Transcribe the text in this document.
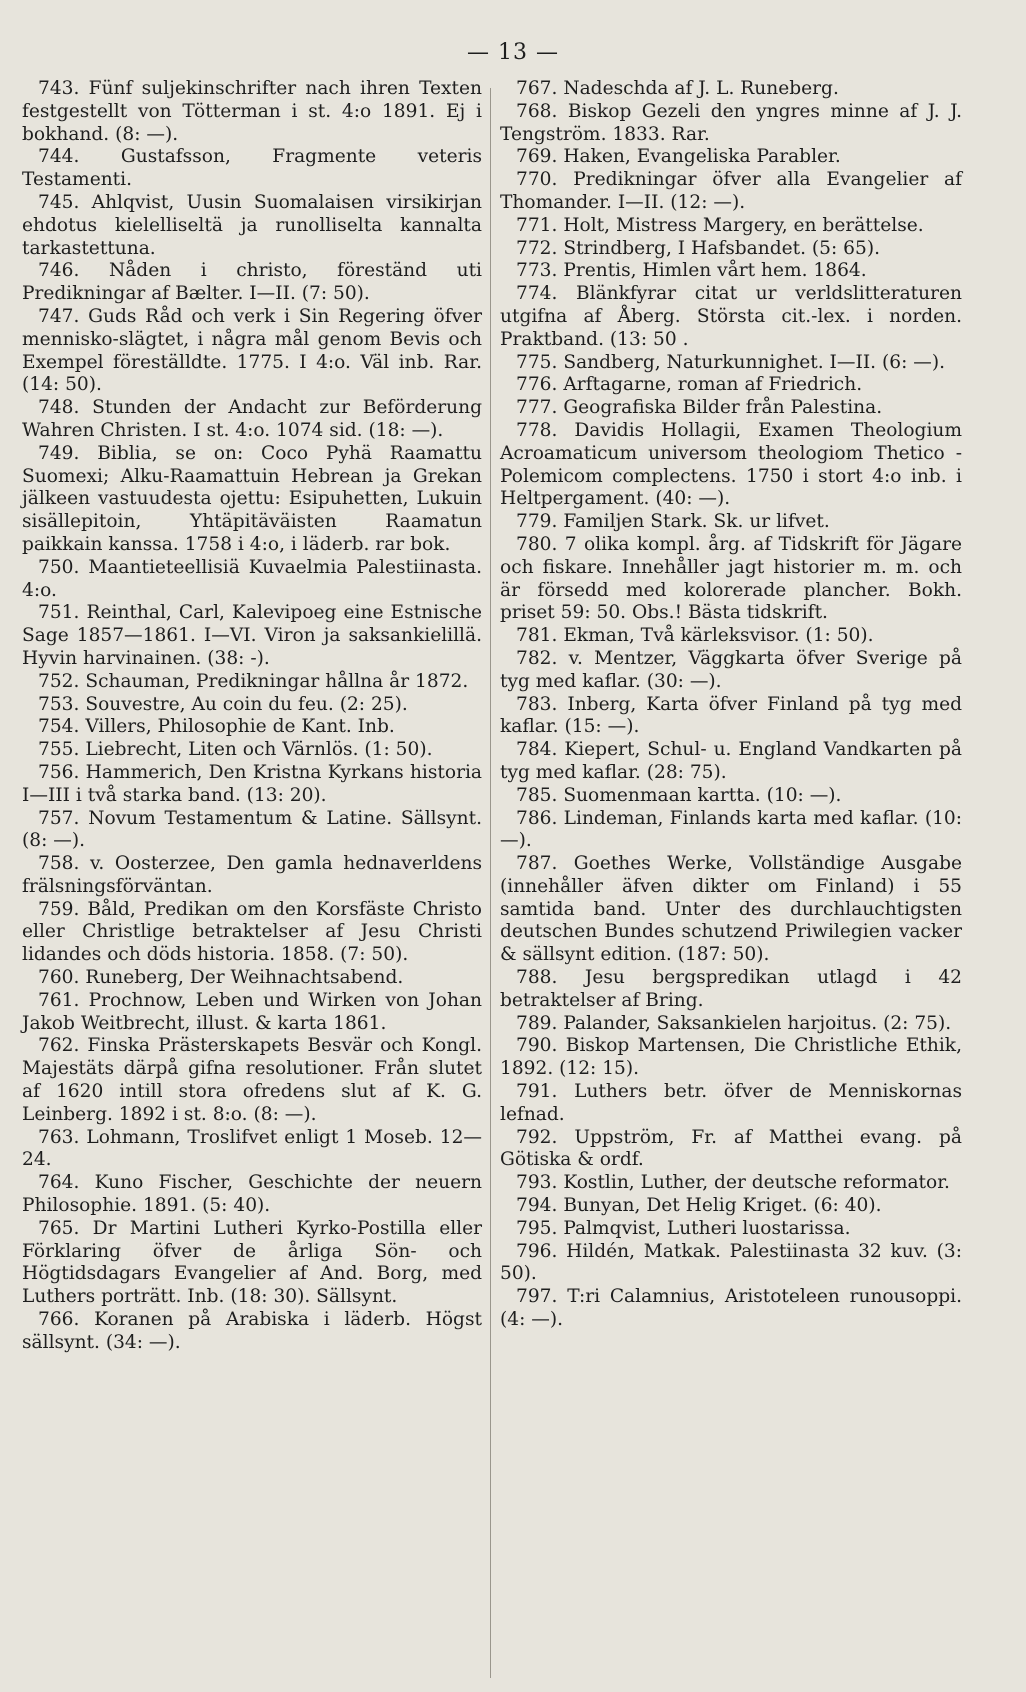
— 13 —

743. Fünf suljekinschrifter nach ihren Texten festgestellt von Tötterman i st. 4:o 1891. Ej i bokhand. (8: —).

744. Gustafsson, Fragmente veteris Testamenti.

745. Ahlqvist, Uusin Suomalaisen virsikirjan ehdotus kielelliseltä ja runolliselta kannalta tarkastettuna.

746. Nåden i christo, föreständ uti Predikningar af Bælter. I—II. (7: 50).

747. Guds Råd och verk i Sin Regering öfver mennisko-slägtet, i några mål genom Bevis och Exempel föreställdte. 1775. I 4:o. Väl inb. Rar. (14: 50).

748. Stunden der Andacht zur Beförderung Wahren Christen. I st. 4:o. 1074 sid. (18: —).

749. Biblia, se on: Coco Pyhä Raamattu Suomexi; Alku-Raamattuin Hebrean ja Grekan jälkeen vastuudesta ojettu: Esipuhetten, Lukuin sisällepitoin, Yhtäpitäväisten Raamatun paikkain kanssa. 1758 i 4:o, i läderb. rar bok.

750. Maantieteellisiä Kuvaelmia Palestiinasta. 4:o.

751. Reinthal, Carl, Kalevipoeg eine Estnische Sage 1857—1861. I—VI. Viron ja saksankielillä. Hyvin harvinainen. (38: -).

752. Schauman, Predikningar hållna år 1872.

753. Souvestre, Au coin du feu. (2: 25).

754. Villers, Philosophie de Kant. Inb.

755. Liebrecht, Liten och Värnlös. (1: 50).

756. Hammerich, Den Kristna Kyrkans historia I—III i två starka band. (13: 20).

757. Novum Testamentum & Latine. Sällsynt. (8: —).

758. v. Oosterzee, Den gamla hednaverldens frälsningsförväntan.

759. Båld, Predikan om den Korsfäste Christo eller Christlige betraktelser af Jesu Christi lidandes och döds historia. 1858. (7: 50).

760. Runeberg, Der Weihnachtsabend.

761. Prochnow, Leben und Wirken von Johan Jakob Weitbrecht, illust. & karta 1861.

762. Finska Prästerskapets Besvär och Kongl. Majestäts därpå gifna resolutioner. Från slutet af 1620 intill stora ofredens slut af K. G. Leinberg. 1892 i st. 8:o. (8: —).

763. Lohmann, Troslifvet enligt 1 Moseb. 12—24.

764. Kuno Fischer, Geschichte der neuern Philosophie. 1891. (5: 40).

765. Dr Martini Lutheri Kyrko-Postilla eller Förklaring öfver de årliga Sön- och Högtidsdagars Evangelier af And. Borg, med Luthers porträtt. Inb. (18: 30). Sällsynt.

766. Koranen på Arabiska i läderb. Högst sällsynt. (34: —).

767. Nadeschda af J. L. Runeberg.

768. Biskop Gezeli den yngres minne af J. J. Tengström. 1833. Rar.

769. Haken, Evangeliska Parabler.

770. Predikningar öfver alla Evangelier af Thomander. I—II. (12: —).

771. Holt, Mistress Margery, en berättelse.

772. Strindberg, I Hafsbandet. (5: 65).

773. Prentis, Himlen vårt hem. 1864.

774. Blänkfyrar citat ur verldslitteraturen utgifna af Åberg. Största cit.-lex. i norden. Praktband. (13: 50 .

775. Sandberg, Naturkunnighet. I—II. (6: —).

776. Arftagarne, roman af Friedrich.

777. Geografiska Bilder från Palestina.

778. Davidis Hollagii, Examen Theologium Acroamaticum universom theologiom Thetico - Polemicom complectens. 1750 i stort 4:o inb. i Heltpergament. (40: —).

779. Familjen Stark. Sk. ur lifvet.

780. 7 olika kompl. årg. af Tidskrift för Jägare och fiskare. Innehåller jagt historier m. m. och är försedd med kolorerade plancher. Bokh. priset 59: 50. Obs.! Bästa tidskrift.

781. Ekman, Två kärleksvisor. (1: 50).

782. v. Mentzer, Väggkarta öfver Sverige på tyg med kaflar. (30: —).

783. Inberg, Karta öfver Finland på tyg med kaflar. (15: —).

784. Kiepert, Schul- u. England Vandkarten på tyg med kaflar. (28: 75).

785. Suomenmaan kartta. (10: —).

786. Lindeman, Finlands karta med kaflar. (10: —).

787. Goethes Werke, Vollständige Ausgabe (innehåller äfven dikter om Finland) i 55 samtida band. Unter des durchlauchtigsten deutschen Bundes schutzend Priwilegien vacker & sällsynt edition. (187: 50).

788. Jesu bergspredikan utlagd i 42 betraktelser af Bring.

789. Palander, Saksankielen harjoitus. (2: 75).

790. Biskop Martensen, Die Christliche Ethik, 1892. (12: 15).

791. Luthers betr. öfver de Menniskornas lefnad.

792. Uppström, Fr. af Matthei evang. på Götiska & ordf.

793. Kostlin, Luther, der deutsche reformator.

794. Bunyan, Det Helig Kriget. (6: 40).

795. Palmqvist, Lutheri luostarissa.

796. Hildén, Matkak. Palestiinasta 32 kuv. (3: 50).

797. T:ri Calamnius, Aristoteleen runousoppi. (4: —).
